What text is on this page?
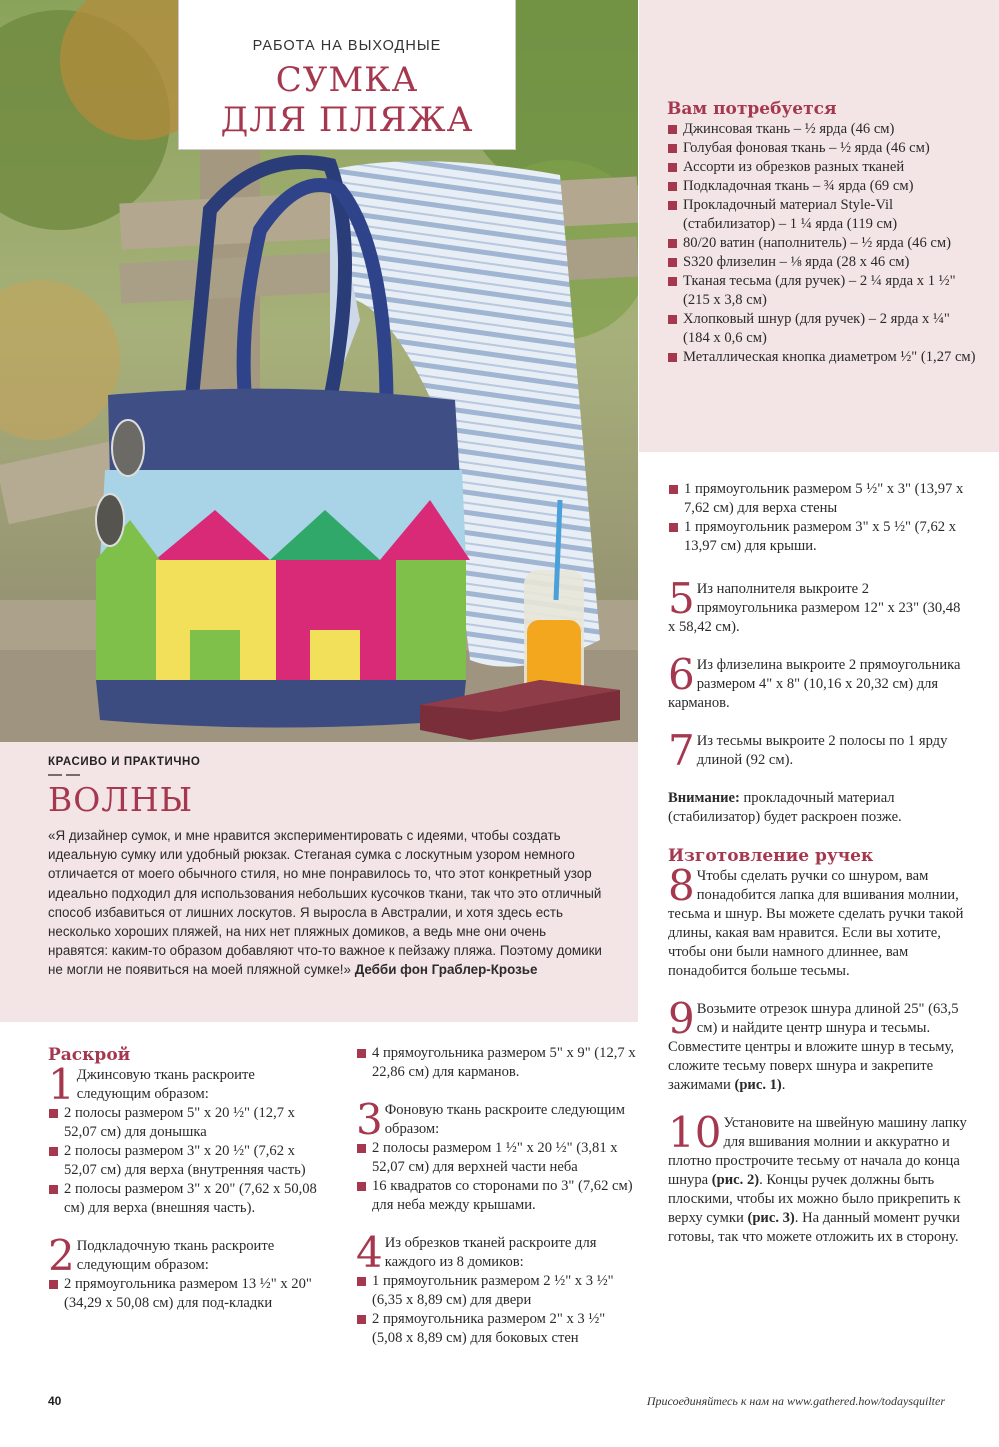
РАБОТА НА ВЫХОДНЫЕ
СУМКА
ДЛЯ ПЛЯЖА	Вам потребуется
Джинсовая ткань – ½ ярда (46 см)
Голубая фоновая ткань – ½ ярда (46 см)
Ассорти из обрезков разных тканей
Подкладочная ткань – ¾ ярда (69 см)
Прокладочный материал Style-Vil (стабилизатор) – 1 ¼ ярда (119 см)
80/20 ватин (наполнитель) – ½ ярда (46 см)
S320 флизелин – ⅛ ярда (28 x 46 см)
Тканая тесьма (для ручек) – 2 ¼ ярда x 1 ½" (215 x 3,8 см)
Хлопковый шнур (для ручек) – 2 ярда x ¼" (184 x 0,6 см)
Металлическая кнопка диаметром ½" (1,27 см)
КРАСИВО И ПРАКТИЧНО
ВОЛНЫ
«Я дизайнер сумок, и мне нравится экспериментировать с идеями, чтобы создать идеальную сумку или удобный рюкзак. Стеганая сумка с лоскутным узором немного отличается от моего обычного стиля, но мне понравилось то, что этот конкретный узор идеально подходил для использования небольших кусочков ткани, так что это отличный способ избавиться от лишних лоскутов. Я выросла в Австралии, и хотя здесь есть несколько хороших пляжей, на них нет пляжных домиков, а ведь мне они очень нравятся: каким-то образом добавляют что-то важное к пейзажу пляжа. Поэтому домики не могли не появиться на моей пляжной сумке!» Дебби фон Граблер-Крозье
Раскрой
1 Джинсовую ткань раскроите следующим образом:
2 полосы размером 5" x 20 ½" (12,7 x 52,07 см) для донышка
2 полосы размером 3" x 20 ½" (7,62 x 52,07 см) для верха (внутренняя часть)
2 полосы размером 3" x 20" (7,62 x 50,08 см) для верха (внешняя часть).
2 Подкладочную ткань раскроите следующим образом:
2 прямоугольника размером 13 ½" x 20" (34,29 x 50,08 см) для под-кладки
4 прямоугольника размером 5" x 9" (12,7 x 22,86 см) для карманов.
3 Фоновую ткань раскроите следующим образом:
2 полосы размером 1 ½" x 20 ½" (3,81 x 52,07 см) для верхней части неба
16 квадратов со сторонами по 3" (7,62 см) для неба между крышами.
4 Из обрезков тканей раскроите для каждого из 8 домиков:
1 прямоугольник размером 2 ½" x 3 ½" (6,35 x 8,89 см) для двери
2 прямоугольника размером 2" x 3 ½" (5,08 x 8,89 см) для боковых стен
1 прямоугольник размером 5 ½" x 3" (13,97 x 7,62 см) для верха стены
1 прямоугольник размером 3" x 5 ½" (7,62 x 13,97 см) для крыши.
5 Из наполнителя выкроите 2 прямоугольника размером 12" x 23" (30,48 x 58,42 см).
6 Из флизелина выкроите 2 прямоугольника размером 4" x 8" (10,16 x 20,32 см) для карманов.
7 Из тесьмы выкроите 2 полосы по 1 ярду длиной (92 см).
Внимание: прокладочный материал (стабилизатор) будет раскроен позже.
Изготовление ручек
8 Чтобы сделать ручки со шнуром, вам понадобится лапка для вшивания молнии, тесьма и шнур. Вы можете сделать ручки такой длины, какая вам нравится. Если вы хотите, чтобы они были намного длиннее, вам понадобится больше тесьмы.
9 Возьмите отрезок шнура длиной 25" (63,5 см) и найдите центр шнура и тесьмы. Совместите центры и вложите шнур в тесьму, сложите тесьму поверх шнура и закрепите зажимами (рис. 1).
10 Установите на швейную машину лапку для вшивания молнии и аккуратно и плотно прострочите тесьму от начала до конца шнура (рис. 2). Концы ручек должны быть плоскими, чтобы их можно было прикрепить к верху сумки (рис. 3). На данный момент ручки готовы, так что можете отложить их в сторону.
40	Присоединяйтесь к нам на www.gathered.how/todaysquilter
